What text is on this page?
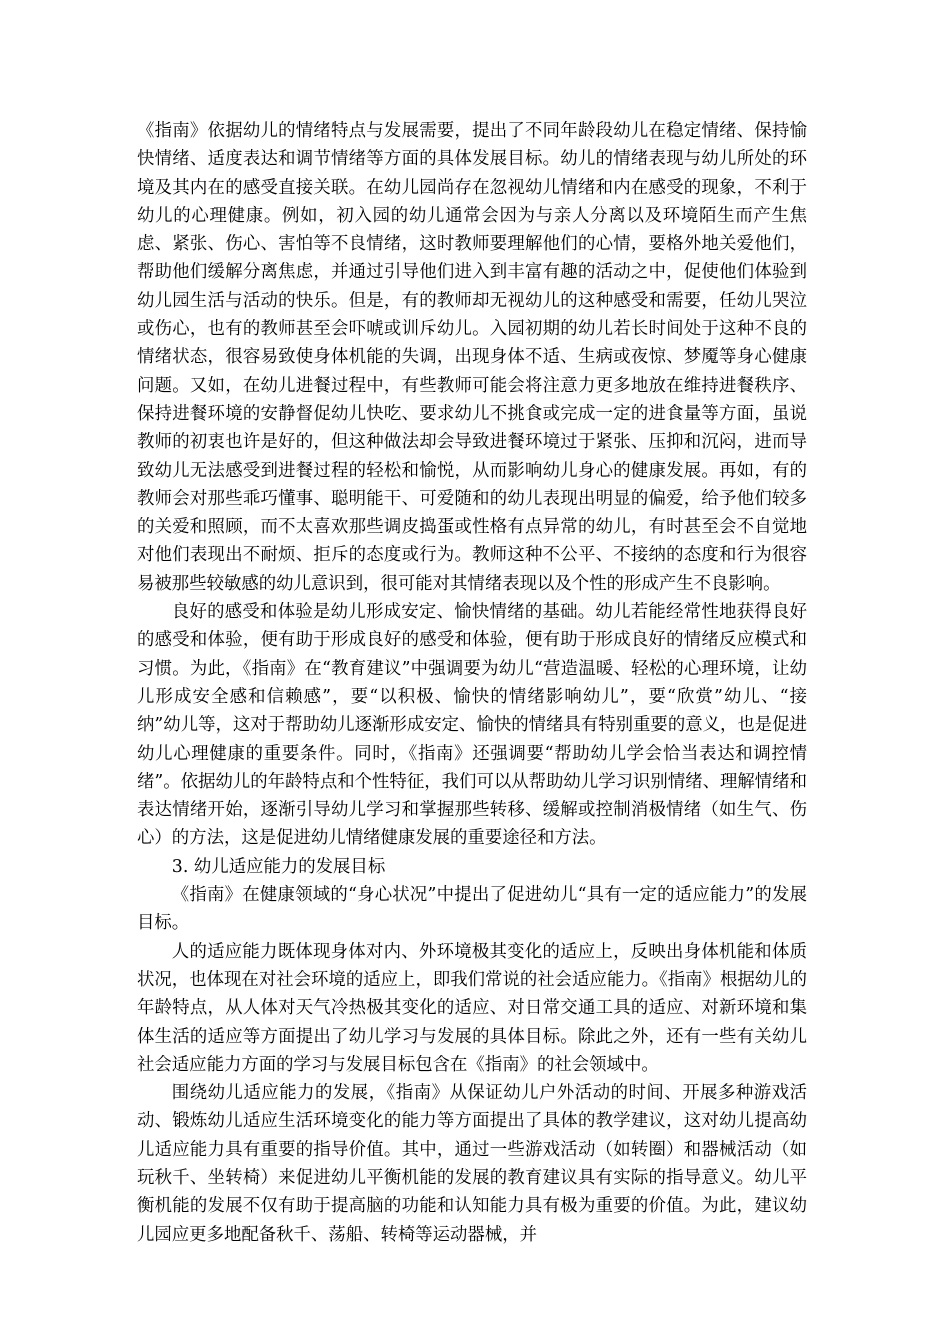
《指南》依据幼儿的情绪特点与发展需要，提出了不同年龄段幼儿在稳定情绪、保持愉快情绪、适度表达和调节情绪等方面的具体发展目标。幼儿的情绪表现与幼儿所处的环境及其内在的感受直接关联。在幼儿园尚存在忽视幼儿情绪和内在感受的现象，不利于幼儿的心理健康。例如，初入园的幼儿通常会因为与亲人分离以及环境陌生而产生焦虑、紧张、伤心、害怕等不良情绪，这时教师要理解他们的心情，要格外地关爱他们，帮助他们缓解分离焦虑，并通过引导他们进入到丰富有趣的活动之中，促使他们体验到幼儿园生活与活动的快乐。但是，有的教师却无视幼儿的这种感受和需要，任幼儿哭泣或伤心，也有的教师甚至会吓唬或训斥幼儿。入园初期的幼儿若长时间处于这种不良的情绪状态，很容易致使身体机能的失调，出现身体不适、生病或夜惊、梦魇等身心健康问题。又如，在幼儿进餐过程中，有些教师可能会将注意力更多地放在维持进餐秩序、保持进餐环境的安静督促幼儿快吃、要求幼儿不挑食或完成一定的进食量等方面，虽说教师的初衷也许是好的，但这种做法却会导致进餐环境过于紧张、压抑和沉闷，进而导致幼儿无法感受到进餐过程的轻松和愉悦，从而影响幼儿身心的健康发展。再如，有的教师会对那些乖巧懂事、聪明能干、可爱随和的幼儿表现出明显的偏爱，给予他们较多的关爱和照顾，而不太喜欢那些调皮捣蛋或性格有点异常的幼儿，有时甚至会不自觉地对他们表现出不耐烦、拒斥的态度或行为。教师这种不公平、不接纳的态度和行为很容易被那些较敏感的幼儿意识到，很可能对其情绪表现以及个性的形成产生不良影响。

良好的感受和体验是幼儿形成安定、愉快情绪的基础。幼儿若能经常性地获得良好的感受和体验，便有助于形成良好的感受和体验，便有助于形成良好的情绪反应模式和习惯。为此，《指南》在“教育建议”中强调要为幼儿“营造温暖、轻松的心理环境，让幼儿形成安全感和信赖感”，要“以积极、愉快的情绪影响幼儿”，要“欣赏”幼儿、“接纳”幼儿等，这对于帮助幼儿逐渐形成安定、愉快的情绪具有特别重要的意义，也是促进幼儿心理健康的重要条件。同时，《指南》还强调要“帮助幼儿学会恰当表达和调控情绪”。依据幼儿的年龄特点和个性特征，我们可以从帮助幼儿学习识别情绪、理解情绪和表达情绪开始，逐渐引导幼儿学习和掌握那些转移、缓解或控制消极情绪（如生气、伤心）的方法，这是促进幼儿情绪健康发展的重要途径和方法。

3. 幼儿适应能力的发展目标

《指南》在健康领域的“身心状况”中提出了促进幼儿“具有一定的适应能力”的发展目标。

人的适应能力既体现身体对内、外环境极其变化的适应上，反映出身体机能和体质状况，也体现在对社会环境的适应上，即我们常说的社会适应能力。《指南》根据幼儿的年龄特点，从人体对天气冷热极其变化的适应、对日常交通工具的适应、对新环境和集体生活的适应等方面提出了幼儿学习与发展的具体目标。除此之外，还有一些有关幼儿社会适应能力方面的学习与发展目标包含在《指南》的社会领域中。

围绕幼儿适应能力的发展，《指南》从保证幼儿户外活动的时间、开展多种游戏活动、锻炼幼儿适应生活环境变化的能力等方面提出了具体的教学建议，这对幼儿提高幼儿适应能力具有重要的指导价值。其中，通过一些游戏活动（如转圈）和器械活动（如玩秋千、坐转椅）来促进幼儿平衡机能的发展的教育建议具有实际的指导意义。幼儿平衡机能的发展不仅有助于提高脑的功能和认知能力具有极为重要的价值。为此，建议幼儿园应更多地配备秋千、荡船、转椅等运动器械，并
